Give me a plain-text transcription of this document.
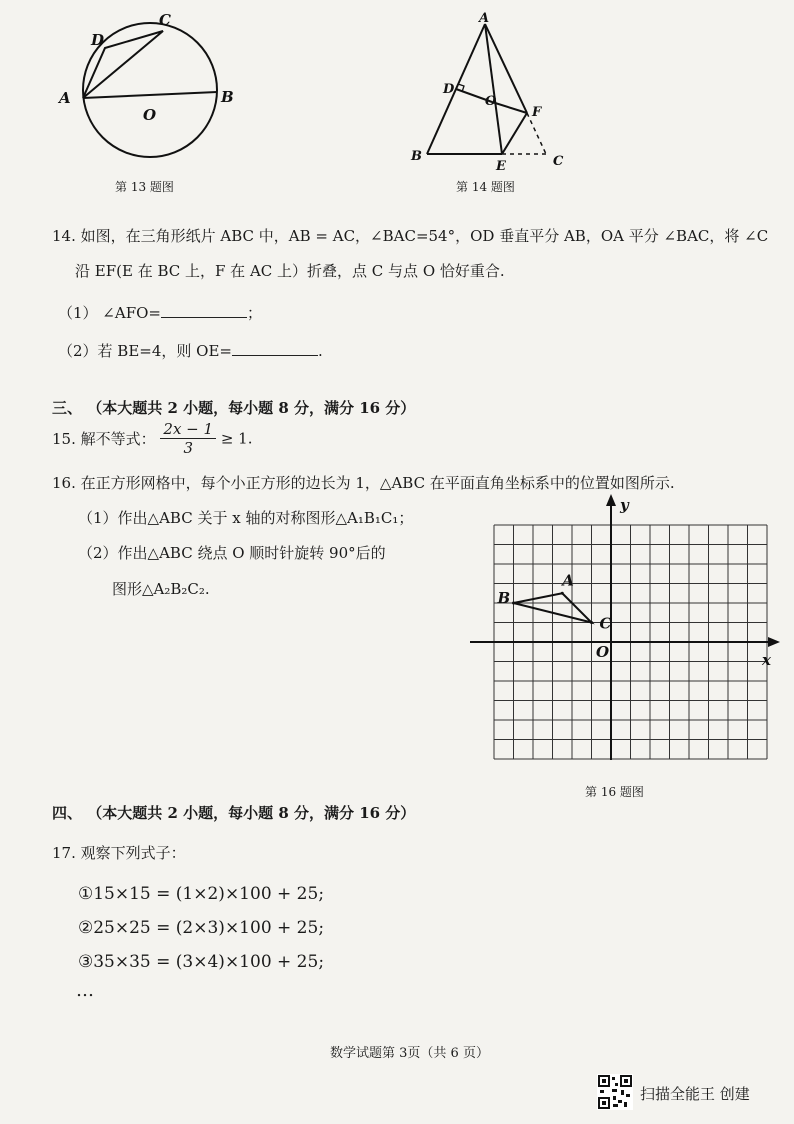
C
D
A	B
O
第 13 题图
A
D
O
F
B
E	C
第 14 题图
14. 如图，在三角形纸片 ABC 中，AB = AC，∠BAC=54°，OD 垂直平分 AB，OA 平分 ∠BAC，将 ∠C
沿 EF(E 在 BC 上，F 在 AC 上）折叠，点 C 与点 O 恰好重合.
（1） ∠AFO=	；
（2）若 BE=4，则 OE=	.
三、 （本大题共 2 小题，每小题 8 分，满分 16 分）
15. 解不等式： $\frac{2x - 1}{3} \ge 1$.
16. 在正方形网格中，每个小正方形的边长为 1，△ABC 在平面直角坐标系中的位置如图所示.
（1）作出△ABC 关于 x 轴的对称图形△A₁B₁C₁；
（2）作出△ABC 绕点 O 顺时针旋转 90°后的
图形△A₂B₂C₂.
x
y
O
A
B
C
第 16 题图
四、 （本大题共 2 小题，每小题 8 分，满分 16 分）
17. 观察下列式子：
①15×15 = (1×2)×100 + 25;
②25×25 = (2×3)×100 + 25;
③35×35 = (3×4)×100 + 25;
…
数学试题第 3页（共 6 页）
扫描全能王 创建
